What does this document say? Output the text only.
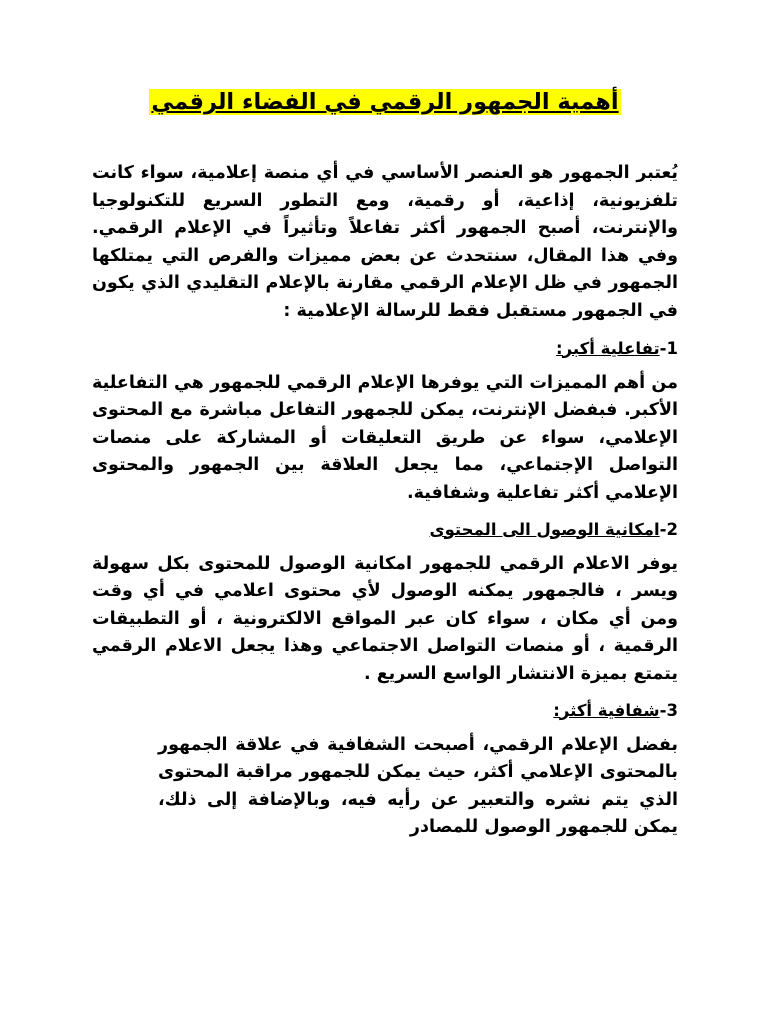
أهمية الجمهور الرقمي في الفضاء الرقمي

يُعتبر الجمهور هو العنصر الأساسي في أي منصة إعلامية، سواء كانت تلفزيونية، إذاعية، أو رقمية، ومع التطور السريع للتكنولوجيا والإنترنت، أصبح الجمهور أكثر تفاعلاً وتأثيراً في الإعلام الرقمي. وفي هذا المقال، سنتحدث عن بعض مميزات والفرص التي يمتلكها الجمهور في ظل الإعلام الرقمي مقارنة بالإعلام التقليدي الذي يكون في الجمهور مستقبل فقط للرسالة الإعلامية :

1-تفاعلية أكبر:

من أهم المميزات التي يوفرها الإعلام الرقمي للجمهور هي التفاعلية الأكبر. فبفضل الإنترنت، يمكن للجمهور التفاعل مباشرة مع المحتوى الإعلامي، سواء عن طريق التعليقات أو المشاركة على منصات التواصل الإجتماعي، مما يجعل العلاقة بين الجمهور والمحتوى الإعلامي أكثر تفاعلية وشفافية.

2-امكانية الوصول الى المحتوى

يوفر الاعلام الرقمي للجمهور امكانية الوصول للمحتوى بكل سهولة ويسر ، فالجمهور يمكنه الوصول لأي محتوى اعلامي في أي وقت ومن أي مكان ، سواء كان عبر المواقع الالكترونية ، أو التطبيقات الرقمية ، أو منصات التواصل الاجتماعي وهذا يجعل الاعلام الرقمي يتمتع بميزة الانتشار الواسع السريع .

3-شفافية أكثر:

بفضل الإعلام الرقمي، أصبحت الشفافية في علاقة الجمهور بالمحتوى الإعلامي أكثر، حيث يمكن للجمهور مراقبة المحتوى الذي يتم نشره والتعبير عن رأيه فيه، وبالإضافة إلى ذلك، يمكن للجمهور الوصول للمصادر
